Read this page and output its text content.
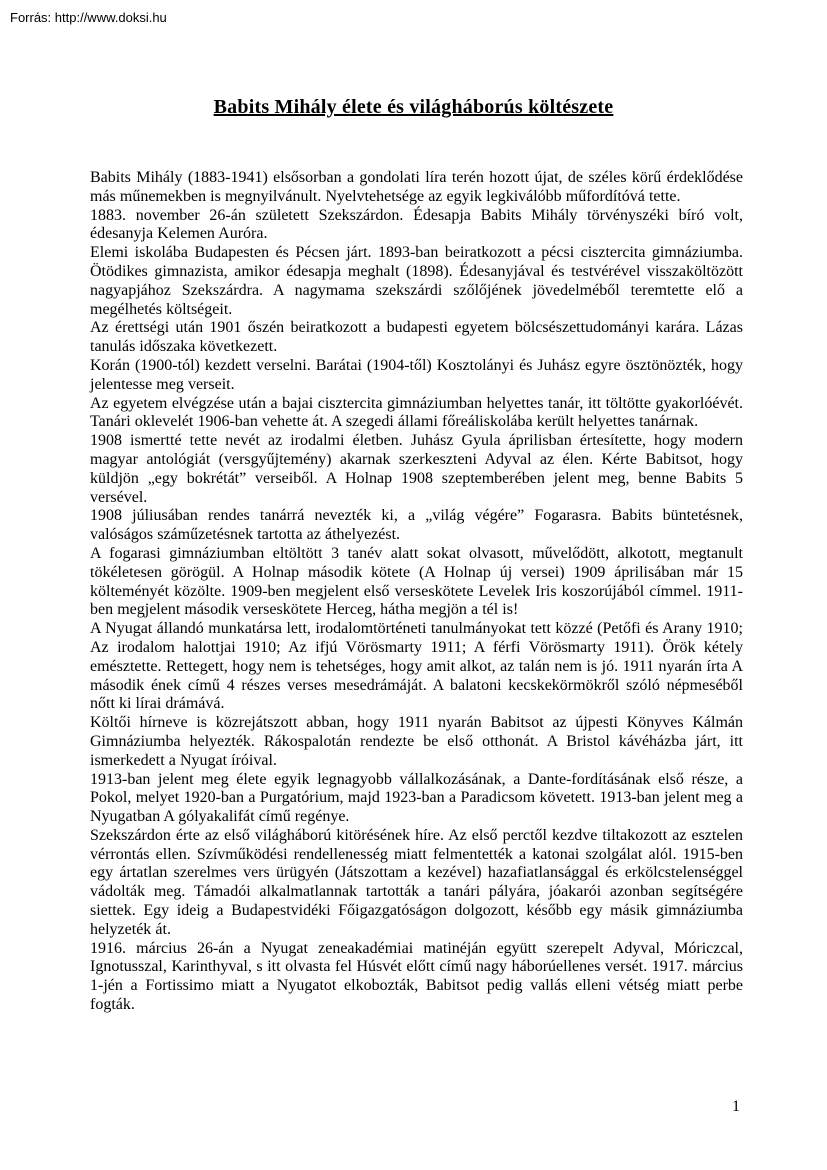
Forrás: http://www.doksi.hu
Babits Mihály élete és világháborús költészete

Babits Mihály (1883-1941) elsősorban a gondolati líra terén hozott újat, de széles körű érdeklődése más műnemekben is megnyilvánult. Nyelvtehetsége az egyik legkiválóbb műfordítóvá tette.

1883. november 26-án született Szekszárdon. Édesapja Babits Mihály törvényszéki bíró volt, édesanyja Kelemen Auróra.

Elemi iskolába Budapesten és Pécsen járt. 1893-ban beiratkozott a pécsi cisztercita gimnáziumba. Ötödikes gimnazista, amikor édesapja meghalt (1898). Édesanyjával és testvérével visszaköltözött nagyapjához Szekszárdra. A nagymama szekszárdi szőlőjének jövedelméből teremtette elő a megélhetés költségeit.

Az érettségi után 1901 őszén beiratkozott a budapesti egyetem bölcsészettudományi karára. Lázas tanulás időszaka következett.

Korán (1900-tól) kezdett verselni. Barátai (1904-től) Kosztolányi és Juhász egyre ösztönözték, hogy jelentesse meg verseit.

Az egyetem elvégzése után a bajai cisztercita gimnáziumban helyettes tanár, itt töltötte gyakorlóévét. Tanári oklevelét 1906-ban vehette át. A szegedi állami főreáliskolába került helyettes tanárnak.

1908 ismertté tette nevét az irodalmi életben. Juhász Gyula áprilisban értesítette, hogy modern magyar antológiát (versgyűjtemény) akarnak szerkeszteni Adyval az élen. Kérte Babitsot, hogy küldjön „egy bokrétát” verseiből. A Holnap 1908 szeptemberében jelent meg, benne Babits 5 versével.

1908 júliusában rendes tanárrá nevezték ki, a „világ végére” Fogarasra. Babits büntetésnek, valóságos száműzetésnek tartotta az áthelyezést.

A fogarasi gimnáziumban eltöltött 3 tanév alatt sokat olvasott, művelődött, alkotott, megtanult tökéletesen görögül. A Holnap második kötete (A Holnap új versei) 1909 áprilisában már 15 költeményét közölte. 1909-ben megjelent első verseskötete Levelek Iris koszorújából címmel. 1911-ben megjelent második verseskötete Herceg, hátha megjön a tél is!

A Nyugat állandó munkatársa lett, irodalomtörténeti tanulmányokat tett közzé (Petőfi és Arany 1910; Az irodalom halottjai 1910; Az ifjú Vörösmarty 1911; A férfi Vörösmarty 1911). Örök kétely emésztette. Rettegett, hogy nem is tehetséges, hogy amit alkot, az talán nem is jó. 1911 nyarán írta A második ének című 4 részes verses mesedrámáját. A balatoni kecskekörmökről szóló népmeséből nőtt ki lírai drámává.

Költői hírneve is közrejátszott abban, hogy 1911 nyarán Babitsot az újpesti Könyves Kálmán Gimnáziumba helyezték. Rákospalotán rendezte be első otthonát. A Bristol kávéházba járt, itt ismerkedett a Nyugat íróival.

1913-ban jelent meg élete egyik legnagyobb vállalkozásának, a Dante-fordításának első része, a Pokol, melyet 1920-ban a Purgatórium, majd 1923-ban a Paradicsom követett. 1913-ban jelent meg a Nyugatban A gólyakalifát című regénye.

Szekszárdon érte az első világháború kitörésének híre. Az első perctől kezdve tiltakozott az esztelen vérrontás ellen. Szívműködési rendellenesség miatt felmentették a katonai szolgálat alól. 1915-ben egy ártatlan szerelmes vers ürügyén (Játszottam a kezével) hazafiatlansággal és erkölcstelenséggel vádolták meg. Támadói alkalmatlannak tartották a tanári pályára, jóakarói azonban segítségére siettek. Egy ideig a Budapestvidéki Főigazgatóságon dolgozott, később egy másik gimnáziumba helyzeték át.

1916. március 26-án a Nyugat zeneakadémiai matinéján együtt szerepelt Adyval, Móriczcal, Ignotusszal, Karinthyval, s itt olvasta fel Húsvét előtt című nagy háborúellenes versét. 1917. március 1-jén a Fortissimo miatt a Nyugatot elkobozták, Babitsot pedig vallás elleni vétség miatt perbe fogták.

1
